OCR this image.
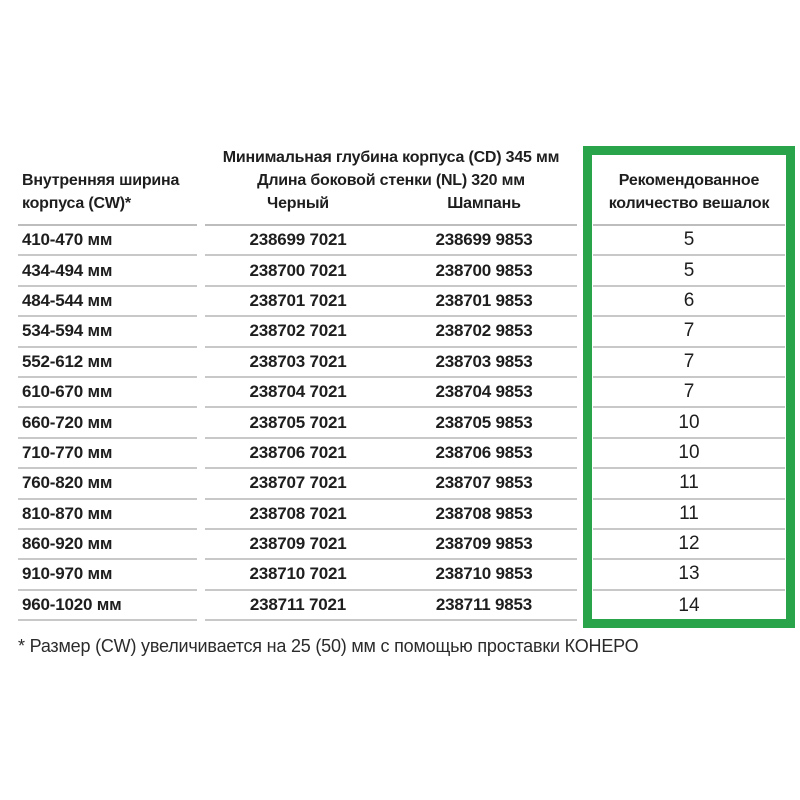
Внутренняя ширина
корпуса (CW)*
Минимальная глубина корпуса (CD) 345 мм
Длина боковой стенки (NL) 320 мм
Черный	Шампань
Рекомендованное
количество вешалок
410-470 мм	238699 7021	238699 9853	5
434-494 мм	238700 7021	238700 9853	5
484-544 мм	238701 7021	238701 9853	6
534-594 мм	238702 7021	238702 9853	7
552-612 мм	238703 7021	238703 9853	7
610-670 мм	238704 7021	238704 9853	7
660-720 мм	238705 7021	238705 9853	10
710-770 мм	238706 7021	238706 9853	10
760-820 мм	238707 7021	238707 9853	11
810-870 мм	238708 7021	238708 9853	11
860-920 мм	238709 7021	238709 9853	12
910-970 мм	238710 7021	238710 9853	13
960-1020 мм	238711 7021	238711 9853	14
* Размер (CW) увеличивается на 25 (50) мм с помощью проставки КОНЕРО
